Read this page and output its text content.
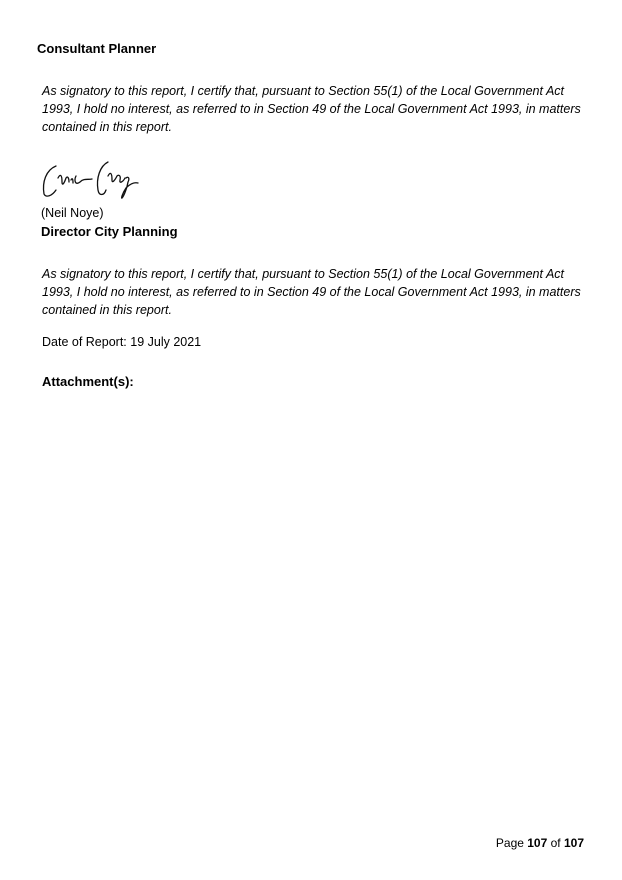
Consultant Planner
As signatory to this report, I certify that, pursuant to Section 55(1) of the Local Government Act
1993, I hold no interest, as referred to in Section 49 of the Local Government Act 1993, in matters
contained in this report.
(Neil Noye)
Director City Planning
As signatory to this report, I certify that, pursuant to Section 55(1) of the Local Government Act
1993, I hold no interest, as referred to in Section 49 of the Local Government Act 1993, in matters
contained in this report.
Date of Report: 19 July 2021
Attachment(s):
Page 107 of 107
